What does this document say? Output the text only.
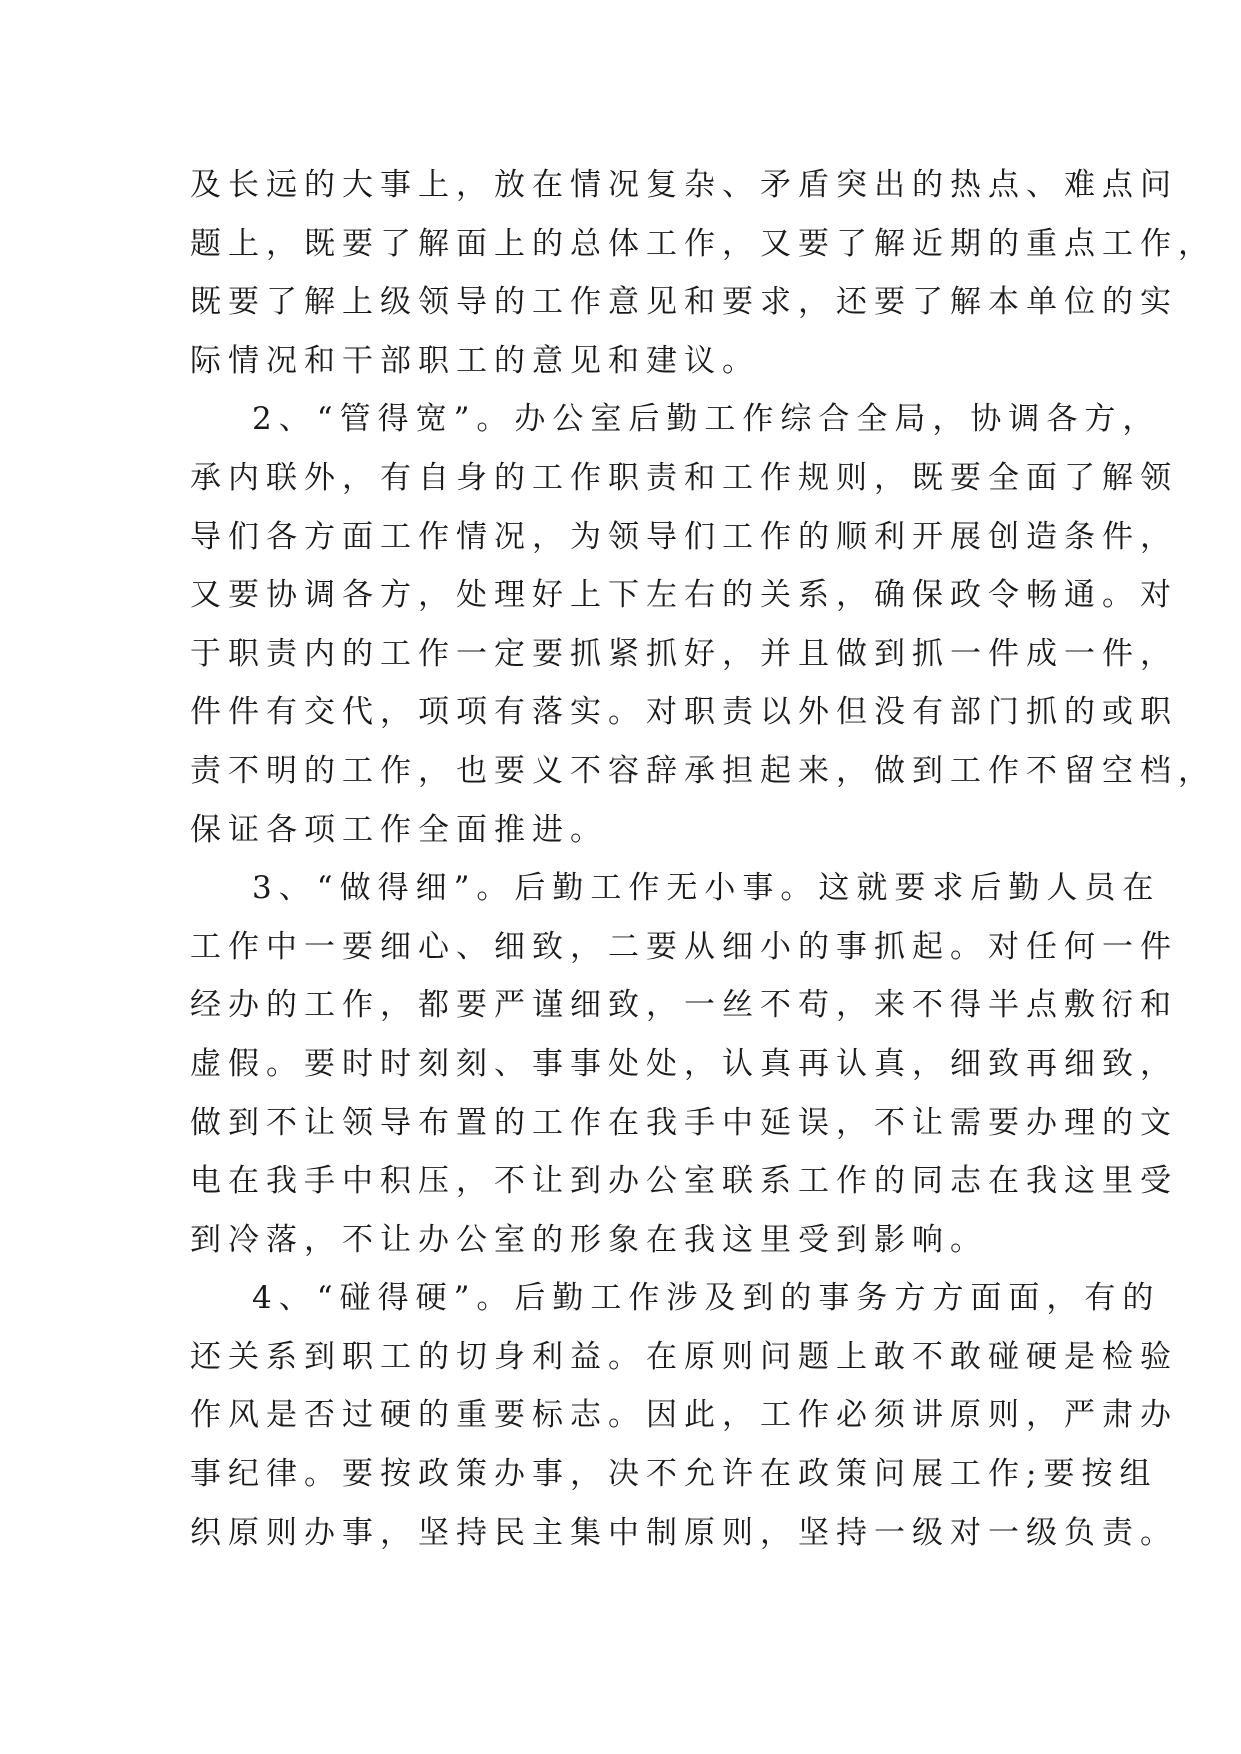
及长远的大事上，放在情况复杂、矛盾突出的热点、难点问
题上，既要了解面上的总体工作，又要了解近期的重点工作，
既要了解上级领导的工作意见和要求，还要了解本单位的实
际情况和干部职工的意见和建议。
2、“管得宽”。办公室后勤工作综合全局，协调各方，
承内联外，有自身的工作职责和工作规则，既要全面了解领
导们各方面工作情况，为领导们工作的顺利开展创造条件，
又要协调各方，处理好上下左右的关系，确保政令畅通。对
于职责内的工作一定要抓紧抓好，并且做到抓一件成一件，
件件有交代，项项有落实。对职责以外但没有部门抓的或职
责不明的工作，也要义不容辞承担起来，做到工作不留空档，
保证各项工作全面推进。
3、“做得细”。后勤工作无小事。这就要求后勤人员在
工作中一要细心、细致，二要从细小的事抓起。对任何一件
经办的工作，都要严谨细致，一丝不苟，来不得半点敷衍和
虚假。要时时刻刻、事事处处，认真再认真，细致再细致，
做到不让领导布置的工作在我手中延误，不让需要办理的文
电在我手中积压，不让到办公室联系工作的同志在我这里受
到冷落，不让办公室的形象在我这里受到影响。
4、“碰得硬”。后勤工作涉及到的事务方方面面，有的
还关系到职工的切身利益。在原则问题上敢不敢碰硬是检验
作风是否过硬的重要标志。因此，工作必须讲原则，严肃办
事纪律。要按政策办事，决不允许在政策问展工作;要按组
织原则办事，坚持民主集中制原则，坚持一级对一级负责。
